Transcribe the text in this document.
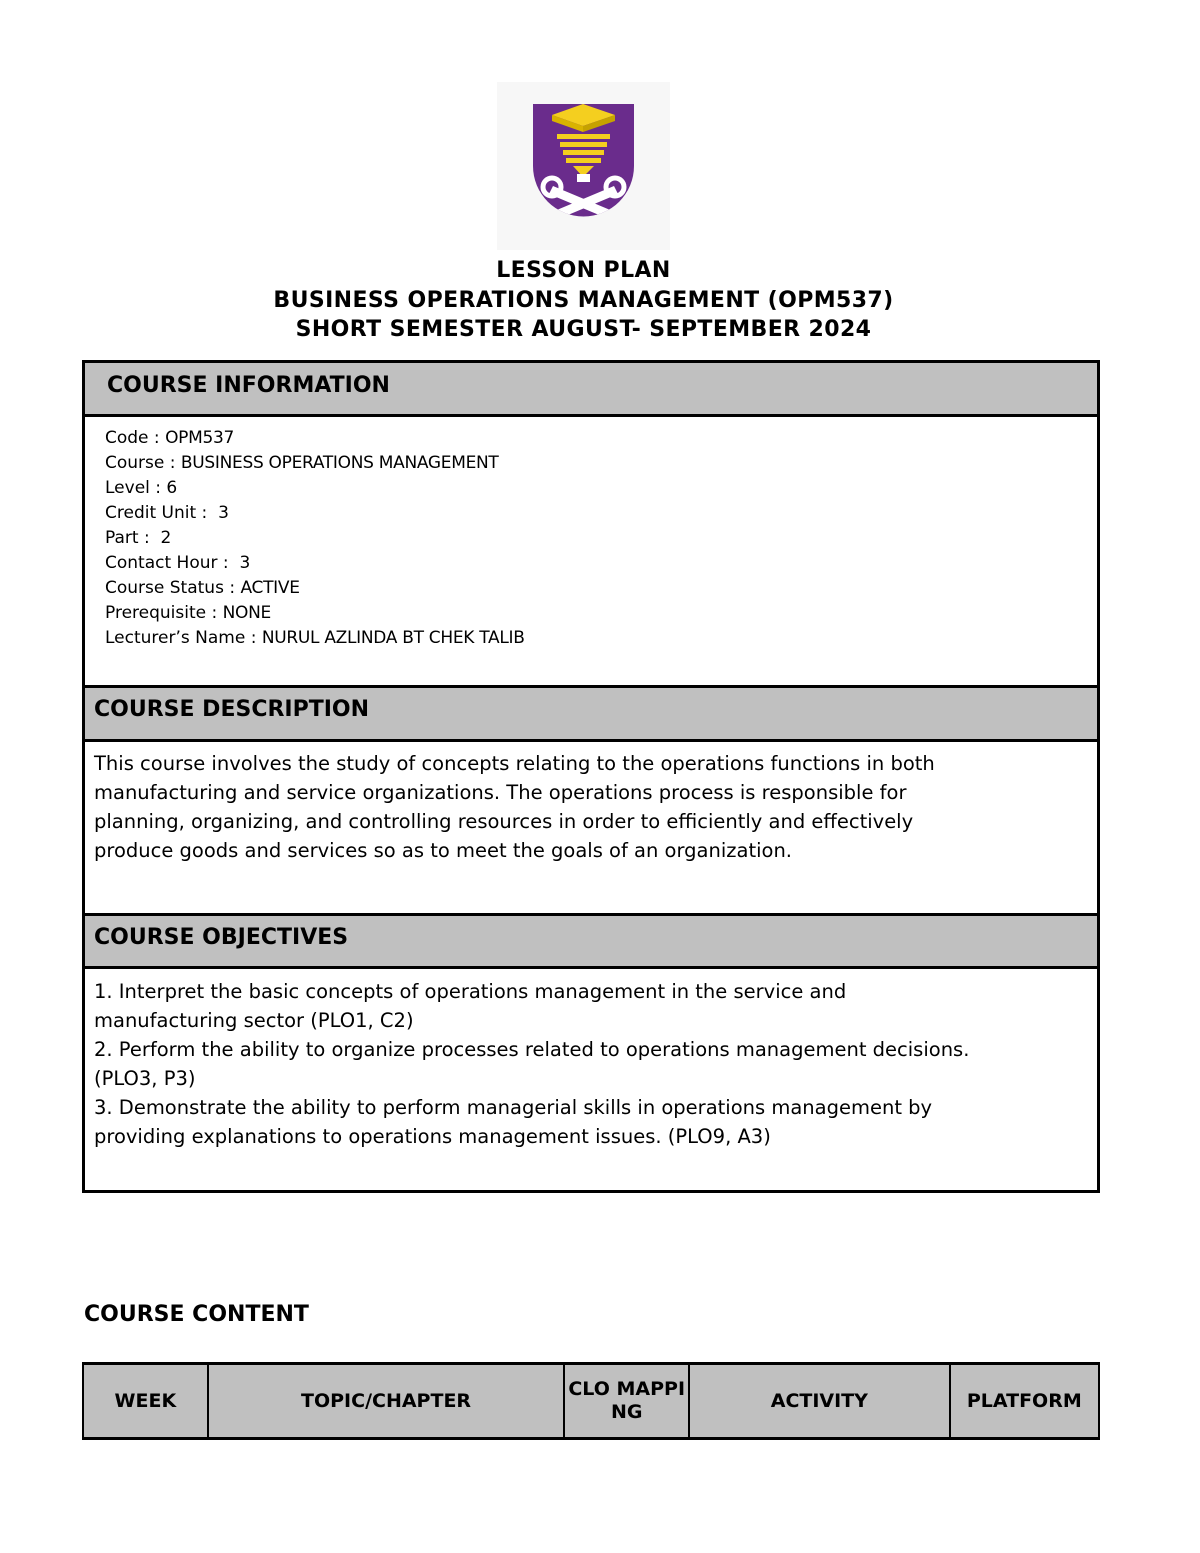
LESSON PLAN
BUSINESS OPERATIONS MANAGEMENT (OPM537)
SHORT SEMESTER AUGUST- SEPTEMBER 2024
COURSE INFORMATION
Code : OPM537
Course : BUSINESS OPERATIONS MANAGEMENT
Level : 6
Credit Unit : 3
Part : 2
Contact Hour : 3
Course Status : ACTIVE
Prerequisite : NONE
Lecturer’s Name : NURUL AZLINDA BT CHEK TALIB
COURSE DESCRIPTION
This course involves the study of concepts relating to the operations functions in both
manufacturing and service organizations. The operations process is responsible for
planning, organizing, and controlling resources in order to efficiently and effectively
produce goods and services so as to meet the goals of an organization.
COURSE OBJECTIVES
1. Interpret the basic concepts of operations management in the service and
manufacturing sector (PLO1, C2)
2. Perform the ability to organize processes related to operations management decisions.
(PLO3, P3)
3. Demonstrate the ability to perform managerial skills in operations management by
providing explanations to operations management issues. (PLO9, A3)
COURSE CONTENT
WEEK	TOPIC/CHAPTER	CLO MAPPING	ACTIVITY	PLATFORM
